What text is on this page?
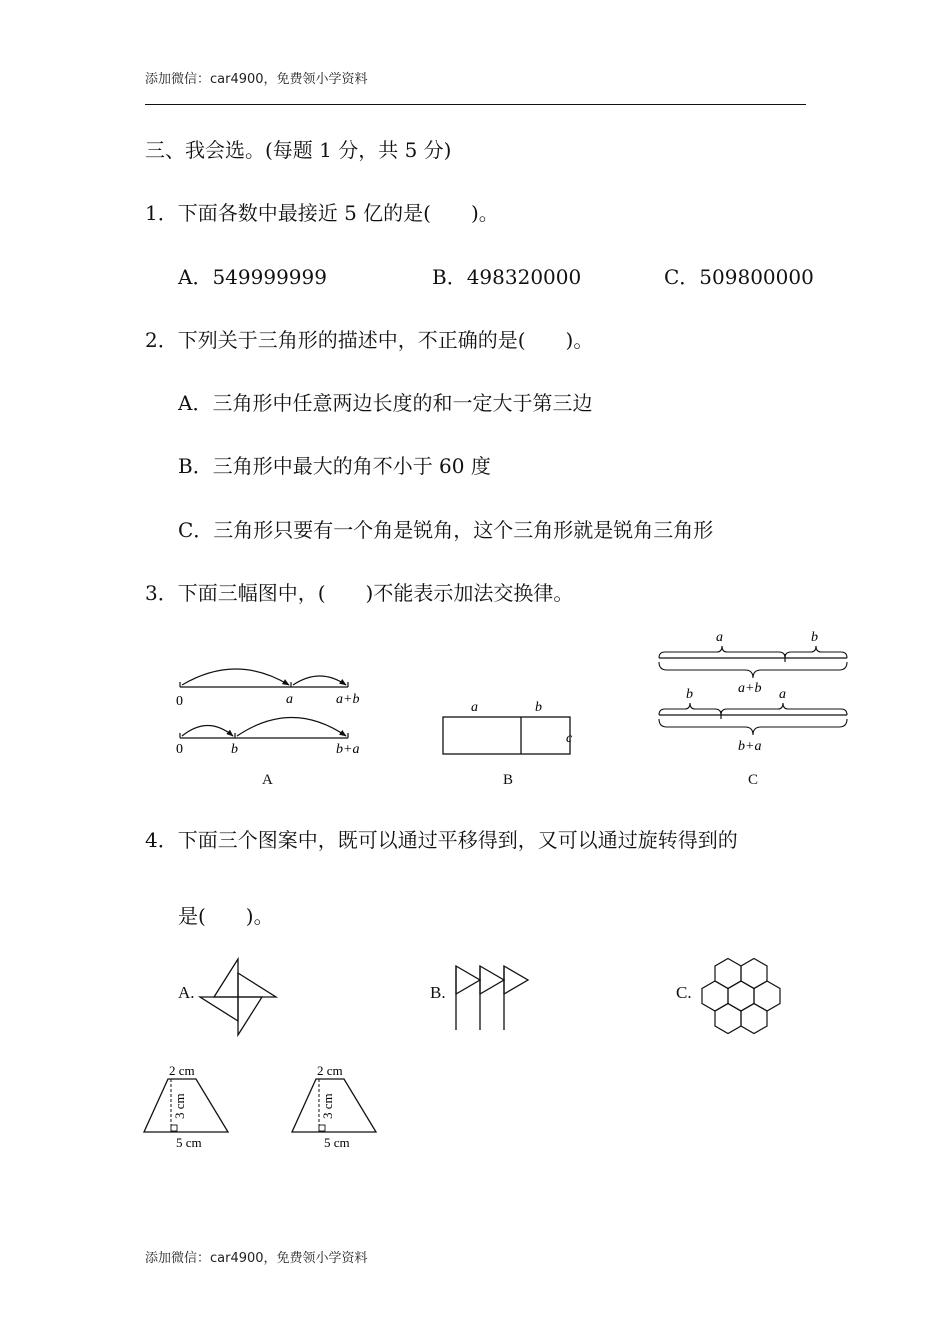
添加微信：car4900，免费领小学资料
三、我会选。(每题 1 分，共 5 分)
1．下面各数中最接近 5 亿的是(　　)。
A．549999999	B．498320000	C．509800000
2．下列关于三角形的描述中，不正确的是(　　)。
A．三角形中任意两边长度的和一定大于第三边
B．三角形中最大的角不小于 60 度
C．三角形只要有一个角是锐角，这个三角形就是锐角三角形
3．下面三幅图中，(　　)不能表示加法交换律。
0	a	a+b
0	b	b+a
a	b
c
a	b
a+b
b	a
b+a
A	B	C
4．下面三个图案中，既可以通过平移得到，又可以通过旋转得到的
是(　　)。
A.	B.	C.
2 cm
3 cm
5 cm
2 cm
3 cm
5 cm
添加微信：car4900，免费领小学资料
